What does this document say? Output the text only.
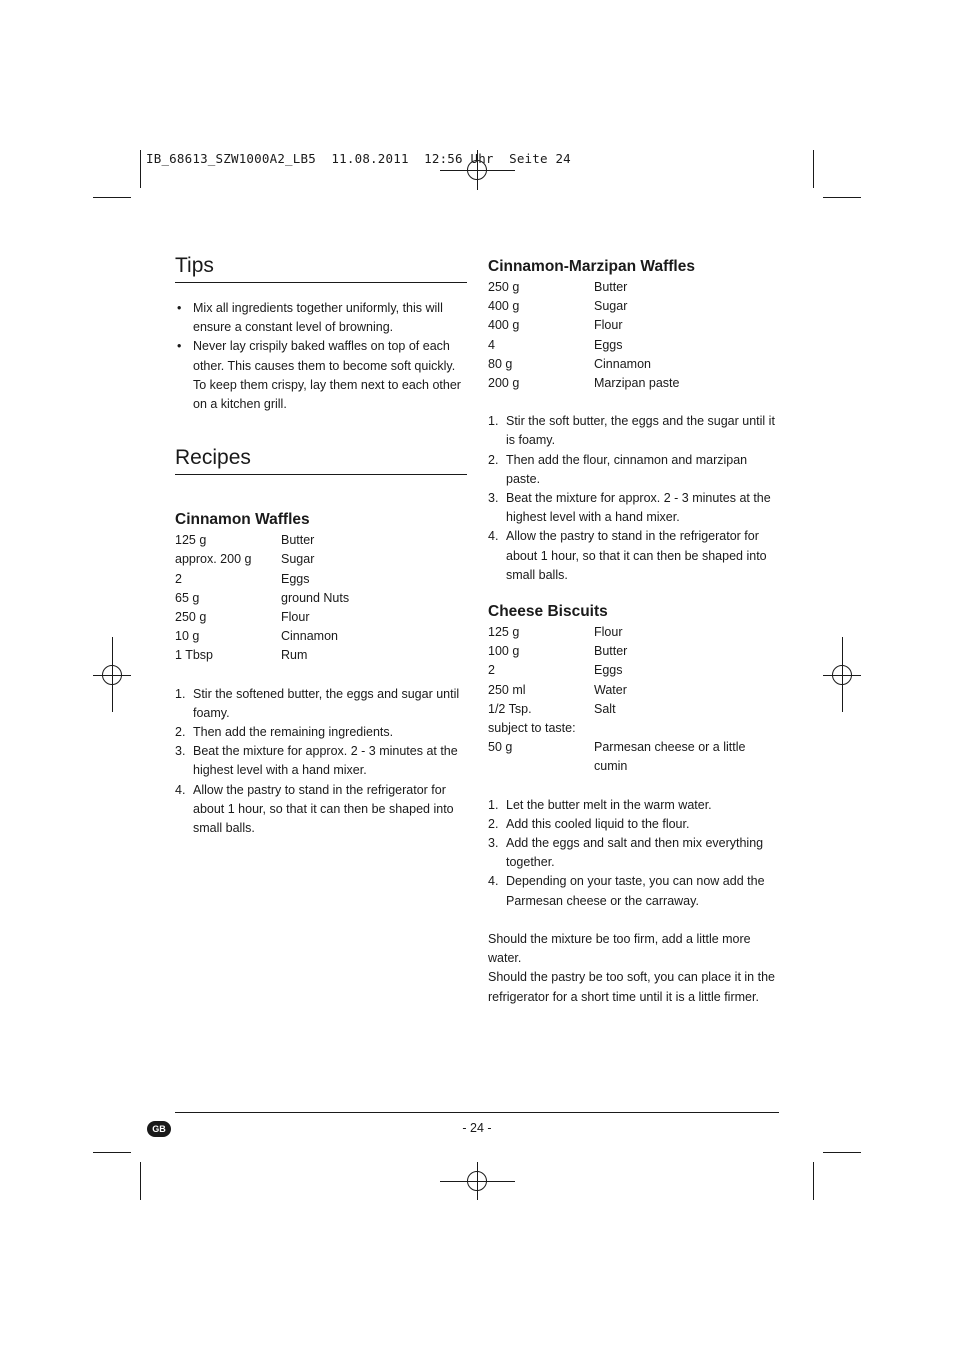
IB_68613_SZW1000A2_LB5  11.08.2011  12:56 Uhr  Seite 24
Tips
• Mix all ingredients together uniformly, this will ensure a constant level of browning.
• Never lay crispily baked waffles on top of each other. This causes them to become soft quickly. To keep them crispy, lay them next to each other on a kitchen grill.
Recipes
Cinnamon Waffles
125 g	Butter
approx. 200 g	Sugar
2	Eggs
65 g	ground Nuts
250 g	Flour
10 g	Cinnamon
1 Tbsp	Rum
1. Stir the softened butter, the eggs and sugar until foamy.
2. Then add the remaining ingredients.
3. Beat the mixture for approx. 2 - 3 minutes at the highest level with a hand mixer.
4. Allow the pastry to stand in the refrigerator for about 1 hour, so that it can then be shaped into small balls.
Cinnamon-Marzipan Waffles
250 g	Butter
400 g	Sugar
400 g	Flour
4	Eggs
80 g	Cinnamon
200 g	Marzipan paste
1. Stir the soft butter, the eggs and the sugar until it is foamy.
2. Then add the flour, cinnamon and marzipan paste.
3. Beat the mixture for approx. 2 - 3 minutes at the highest level with a hand mixer.
4. Allow the pastry to stand in the refrigerator for about 1 hour, so that it can then be shaped into small balls.
Cheese Biscuits
125 g	Flour
100 g	Butter
2	Eggs
250 ml	Water
1/2 Tsp.	Salt
subject to taste:	
50 g	Parmesan cheese or a little cumin
1. Let the butter melt in the warm water.
2. Add this cooled liquid to the flour.
3. Add the eggs and salt and then mix everything together.
4. Depending on your taste, you can now add the Parmesan cheese or the carraway.
Should the mixture be too firm, add a little more water.
Should the pastry be too soft, you can place it in the refrigerator for a short time until it is a little firmer.
GB	- 24 -
